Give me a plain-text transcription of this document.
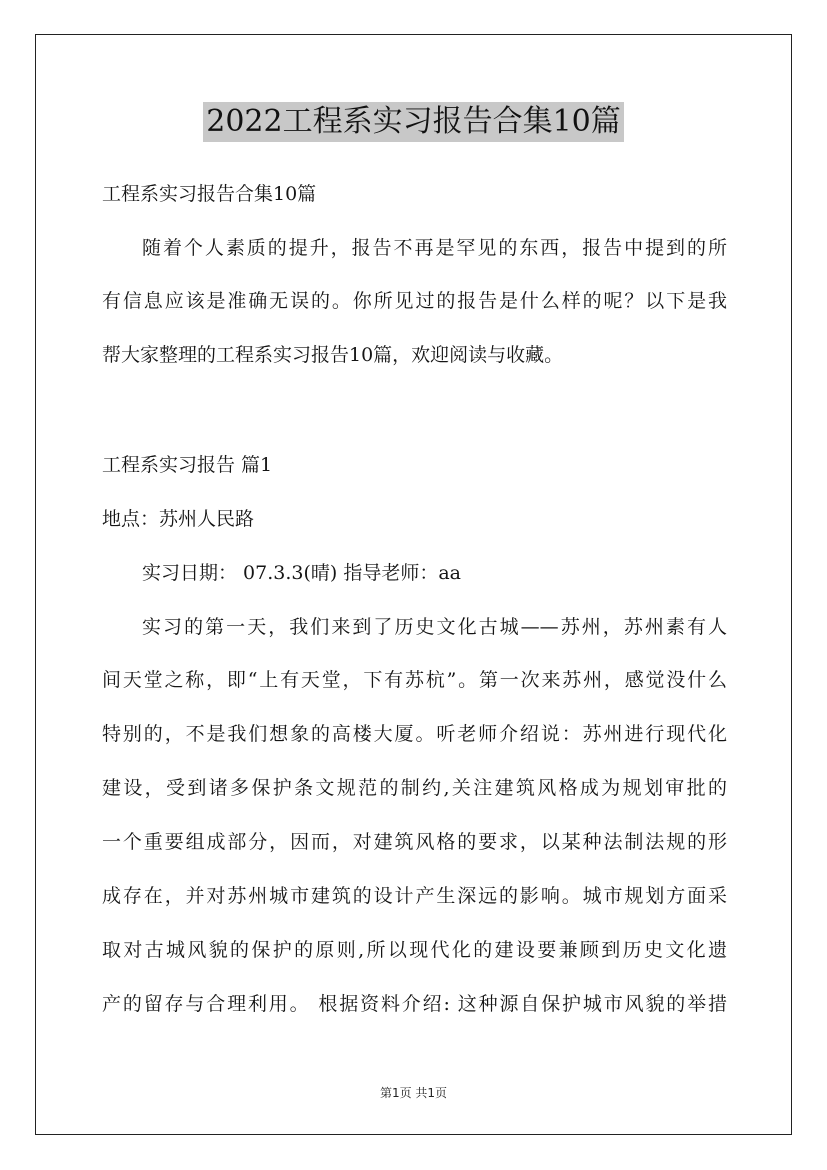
2022工程系实习报告合集10篇
工程系实习报告合集10篇
随着个人素质的提升，报告不再是罕见的东西，报告中提到的所
有信息应该是准确无误的。你所见过的报告是什么样的呢？以下是我
帮大家整理的工程系实习报告10篇，欢迎阅读与收藏。
工程系实习报告 篇1
地点：苏州人民路
实习日期： 07.3.3(晴) 指导老师：aa
实习的第一天，我们来到了历史文化古城——苏州，苏州素有人
间天堂之称，即“上有天堂，下有苏杭”。第一次来苏州，感觉没什么
特别的，不是我们想象的高楼大厦。听老师介绍说：苏州进行现代化
建设，受到诸多保护条文规范的制约,关注建筑风格成为规划审批的
一个重要组成部分，因而，对建筑风格的要求，以某种法制法规的形
成存在，并对苏州城市建筑的设计产生深远的影响。城市规划方面采
取对古城风貌的保护的原则,所以现代化的建设要兼顾到历史文化遗
产的留存与合理利用。 根据资料介绍: 这种源自保护城市风貌的举措
第1页 共1页
